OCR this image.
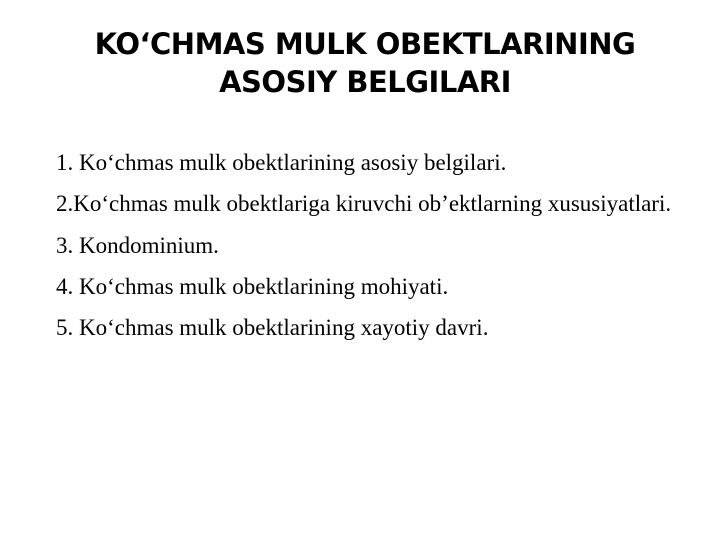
KO‘CHMAS MULK OBEKTLARINING
ASOSIY BELGILARI
1. Ko‘chmas mulk obektlarining asosiy belgilari.
2.Ko‘chmas mulk obektlariga kiruvchi ob’ektlarning xususiyatlari.
3. Kondominium.
4. Ko‘chmas mulk obektlarining mohiyati.
5. Ko‘chmas mulk obektlarining xayotiy davri.
